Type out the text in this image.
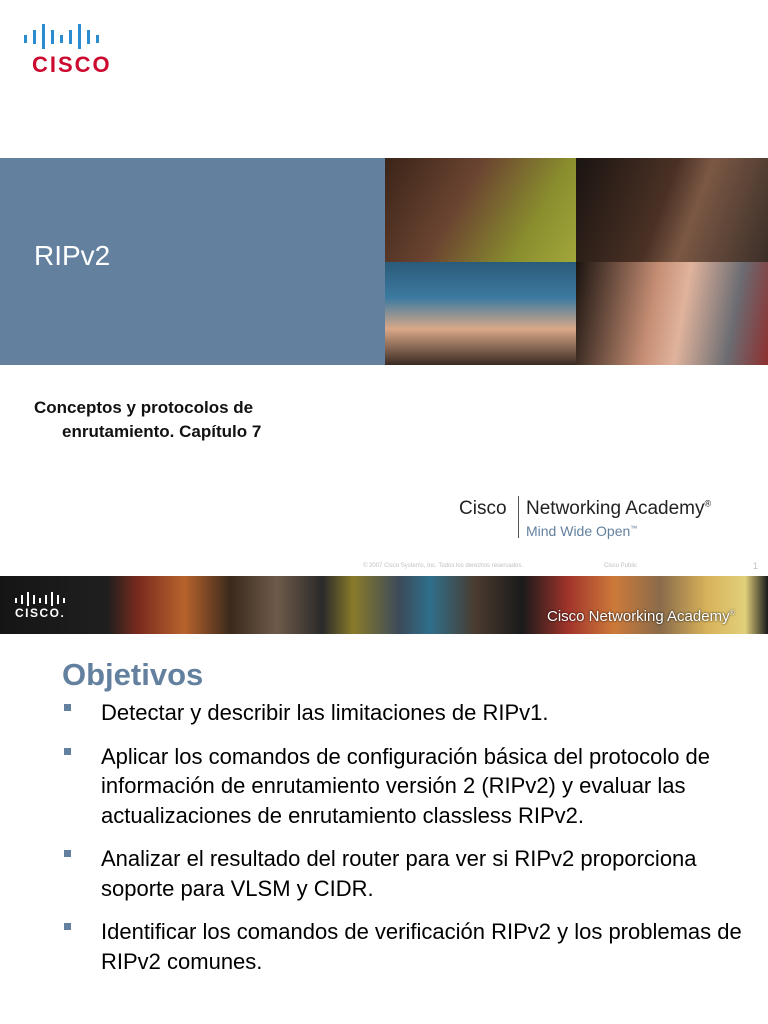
CISCO
RIPv2
Conceptos y protocolos de
enrutamiento. Capítulo 7
Cisco Networking Academy®
Mind Wide Open™
© 2007 Cisco Systems, Inc. Todos los derechos reservados.	Cisco Public	1
CISCO.	Cisco Networking Academy®
Objetivos
Detectar y describir las limitaciones de RIPv1.
Aplicar los comandos de configuración básica del protocolo de información de enrutamiento versión 2 (RIPv2) y evaluar las actualizaciones de enrutamiento classless RIPv2.
Analizar el resultado del router para ver si RIPv2 proporciona soporte para VLSM y CIDR.
Identificar los comandos de verificación RIPv2 y los problemas de RIPv2 comunes.
